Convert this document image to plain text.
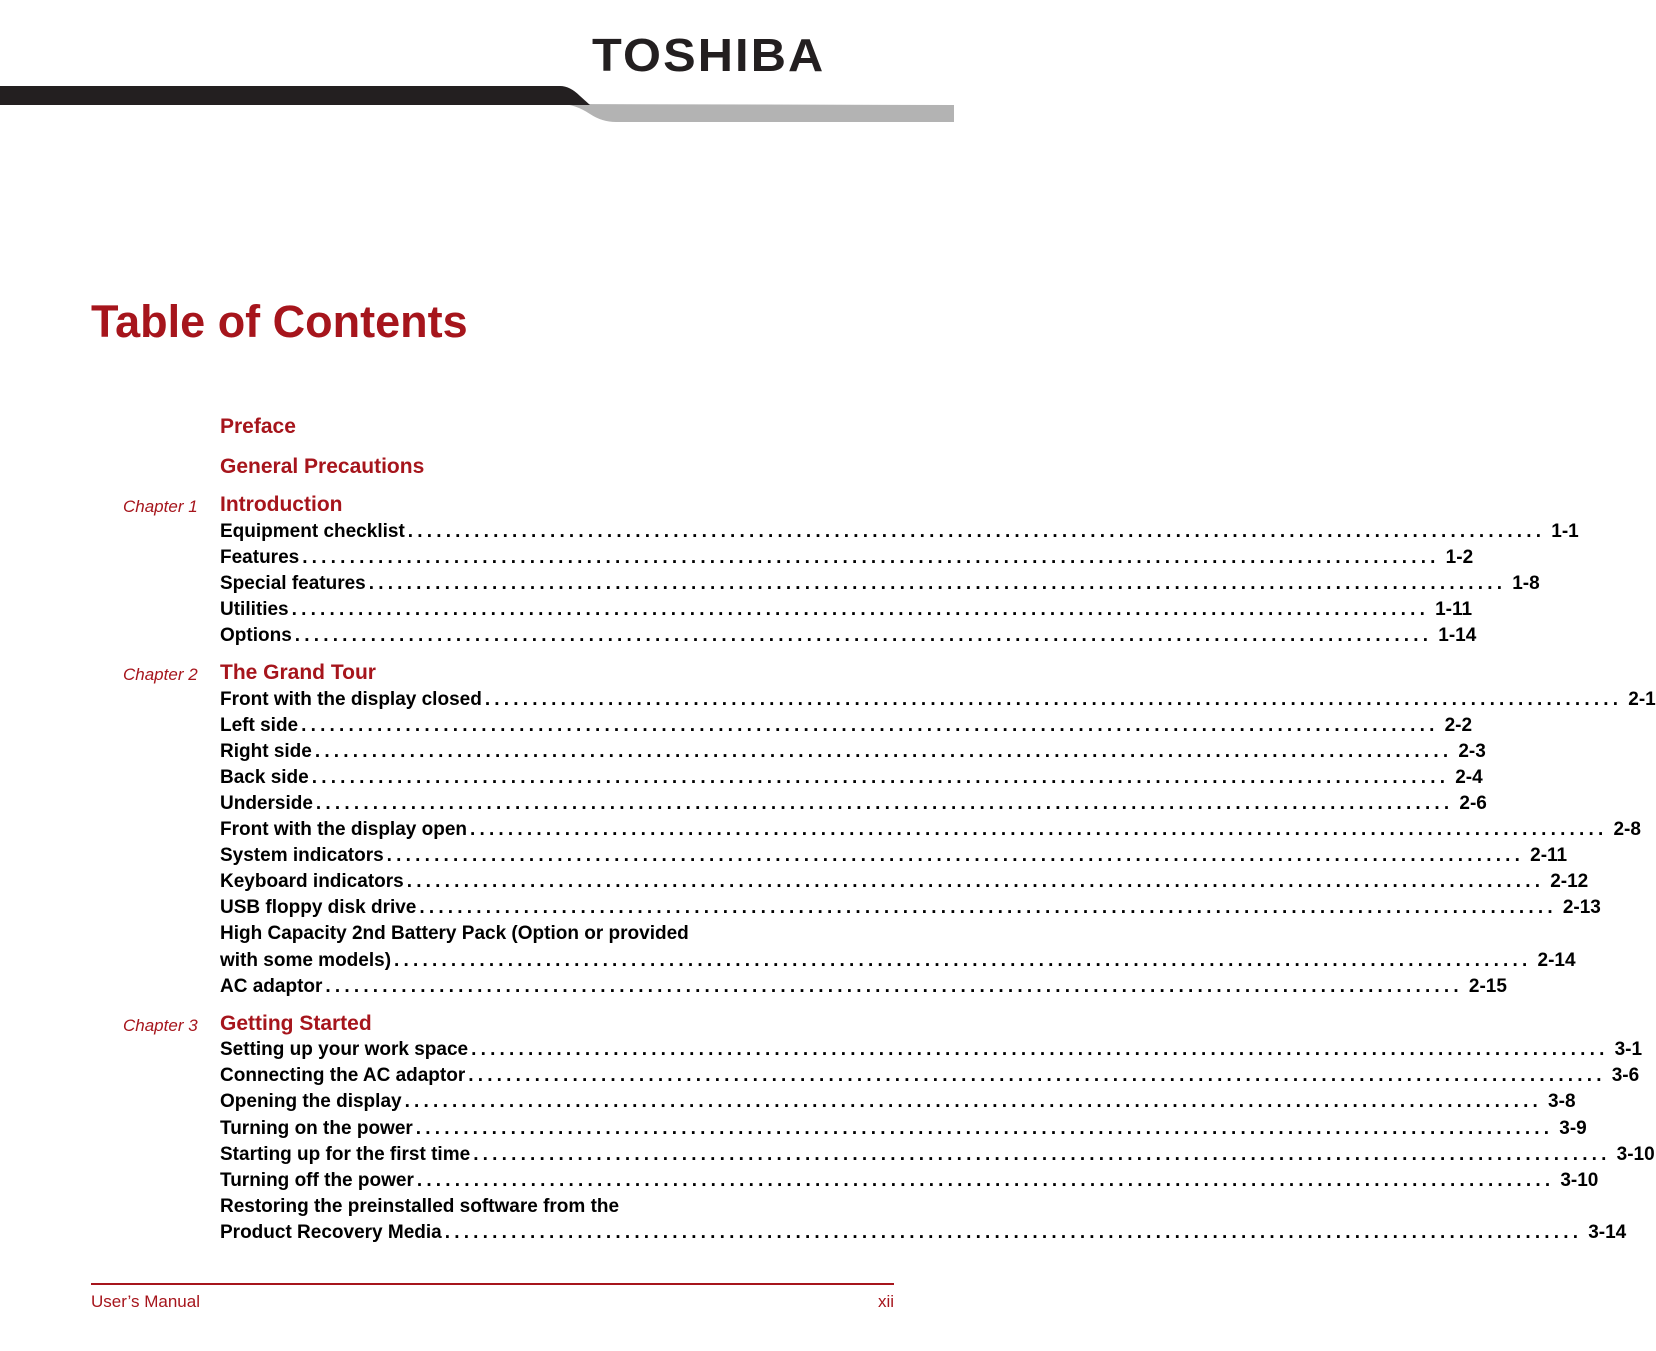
TOSHIBA
Table of Contents
Preface
General Precautions
Chapter 1 Introduction
Equipment checklist ........................................................................................................................ 1-1
Features ........................................................................................................................ 1-2
Special features ........................................................................................................................ 1-8
Utilities ........................................................................................................................ 1-11
Options ........................................................................................................................ 1-14
Chapter 2 The Grand Tour
Front with the display closed ........................................................................................................................ 2-1
Left side ........................................................................................................................ 2-2
Right side ........................................................................................................................ 2-3
Back side ........................................................................................................................ 2-4
Underside ........................................................................................................................ 2-6
Front with the display open ........................................................................................................................ 2-8
System indicators ........................................................................................................................ 2-11
Keyboard indicators ........................................................................................................................ 2-12
USB floppy disk drive ........................................................................................................................ 2-13
High Capacity 2nd Battery Pack (Option or provided
with some models) ........................................................................................................................ 2-14
AC adaptor ........................................................................................................................ 2-15
Chapter 3 Getting Started
Setting up your work space ........................................................................................................................ 3-1
Connecting the AC adaptor ........................................................................................................................ 3-6
Opening the display ........................................................................................................................ 3-8
Turning on the power ........................................................................................................................ 3-9
Starting up for the first time ........................................................................................................................ 3-10
Turning off the power ........................................................................................................................ 3-10
Restoring the preinstalled software from the
Product Recovery Media ........................................................................................................................ 3-14
User’s Manual	xii
